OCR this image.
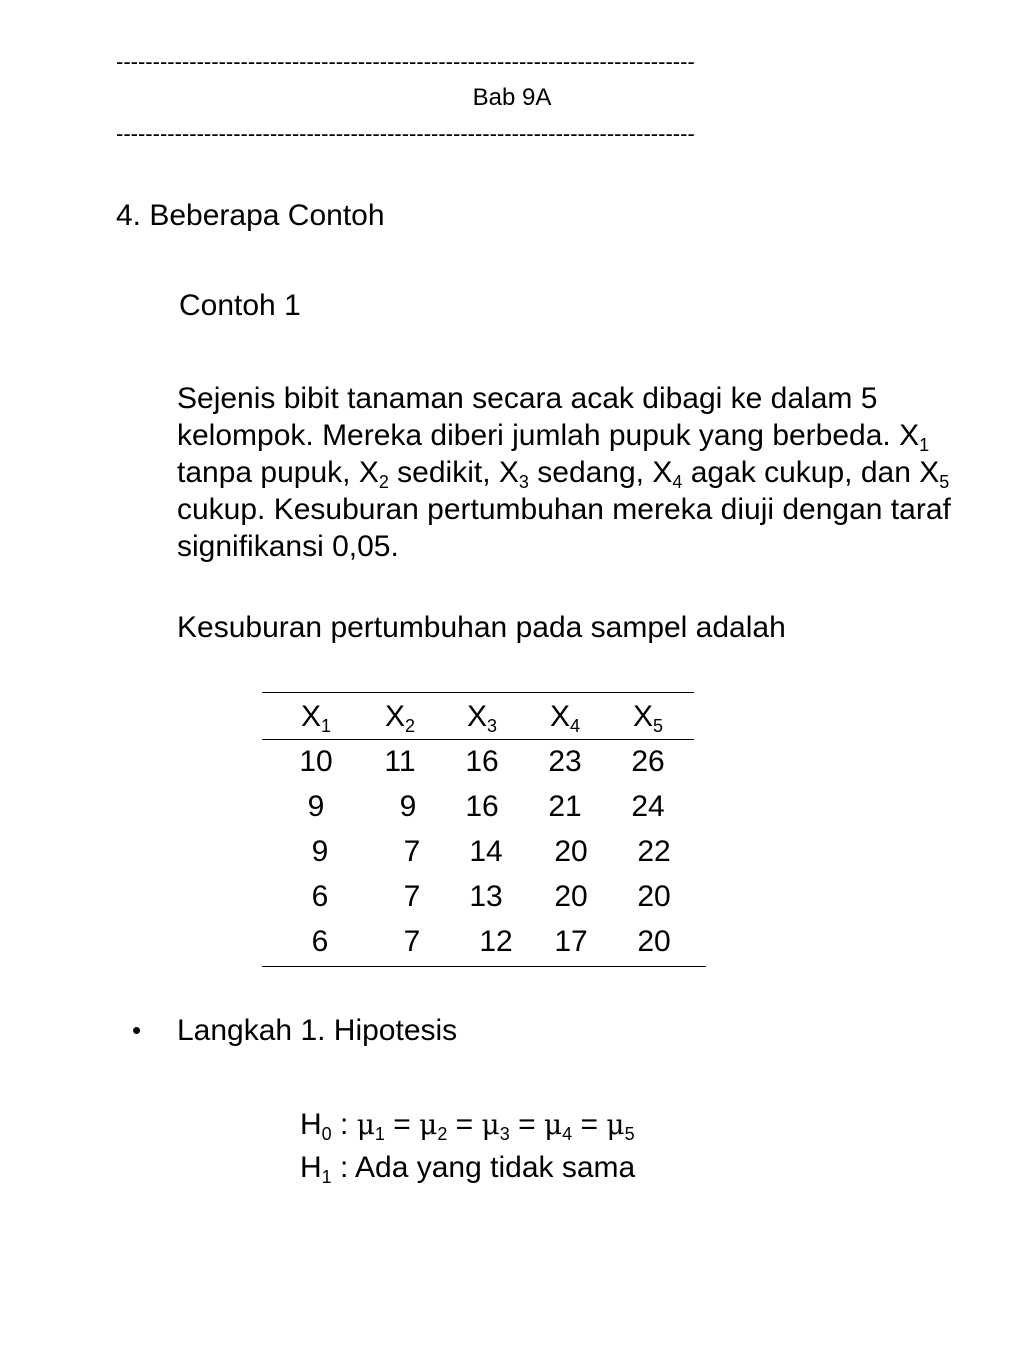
-------------------------------------------------------------------------------
Bab 9A
-------------------------------------------------------------------------------
4. Beberapa Contoh
Contoh 1
Sejenis bibit tanaman secara acak dibagi ke dalam 5 kelompok. Mereka diberi jumlah pupuk yang berbeda. $X_1$ tanpa pupuk, $X_2$ sedikit, $X_3$ sedang, $X_4$ agak cukup, dan $X_5$ cukup. Kesuburan pertumbuhan mereka diuji dengan taraf signifikansi 0,05.
Kesuburan pertumbuhan pada sampel adalah
$X_1$	$X_2$	$X_3$	$X_4$	$X_5$
10	11	16	23	26
9	9	16	21	24
9	7	14	20	22
6	7	13	20	20
6	7	12	17	20
• Langkah 1. Hipotesis
$H_0$ : $\mu_1 = \mu_2 = \mu_3 = \mu_4 = \mu_5$
$H_1$ : Ada yang tidak sama
